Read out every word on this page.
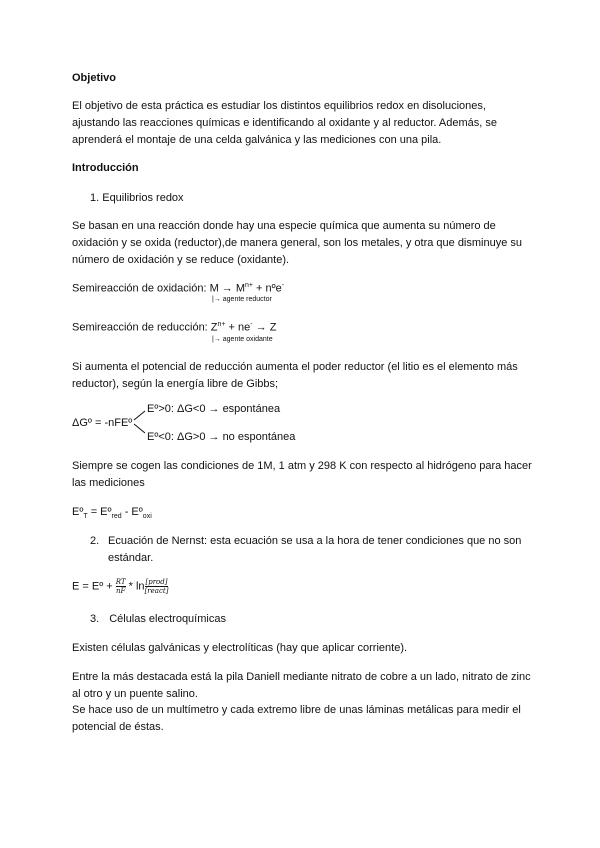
Objetivo
El objetivo de esta práctica es estudiar los distintos equilibrios redox en disoluciones, ajustando las reacciones químicas e identificando al oxidante y al reductor. Además, se aprenderá el montaje de una celda galvánica y las mediciones con una pila.
Introducción
1. Equilibrios redox
Se basan en una reacción donde hay una especie química que aumenta su número de oxidación y se oxida (reductor),de manera general, son los metales, y otra que disminuye su número de oxidación y se reduce (oxidante).
Semireacción de oxidación: $M \to M^{n+}$ + nºe-
|→ agente reductor
Semireacción de reducción: $Z^{n+} + ne^- \to Z$
|→ agente oxidante
Si aumenta el potencial de reducción aumenta el poder reductor (el litio es el elemento más reductor), según la energía libre de Gibbs;
ΔGº = -nFEº
Eº>0: ΔG<0 → espontánea
Eº<0: ΔG>0 → no espontánea
Siempre se cogen las condiciones de 1M, 1 atm y 298 K con respecto al hidrógeno para hacer las mediciones
Eº$_T$ = Eº$_{red}$ - Eº$_{oxi}$
2. Ecuación de Nernst: esta ecuación se usa a la hora de tener condiciones que no son estándar.
E = Eº + $\frac{RT}{nF}$ * $\ln \frac{\text{[prod]}}{\text{[react]}}$
3. Células electroquímicas
Existen células galvánicas y electrolíticas (hay que aplicar corriente).
Entre la más destacada está la pila Daniell mediante nitrato de cobre a un lado, nitrato de zinc al otro y un puente salino.
Se hace uso de un multímetro y cada extremo libre de unas láminas metálicas para medir el potencial de éstas.
